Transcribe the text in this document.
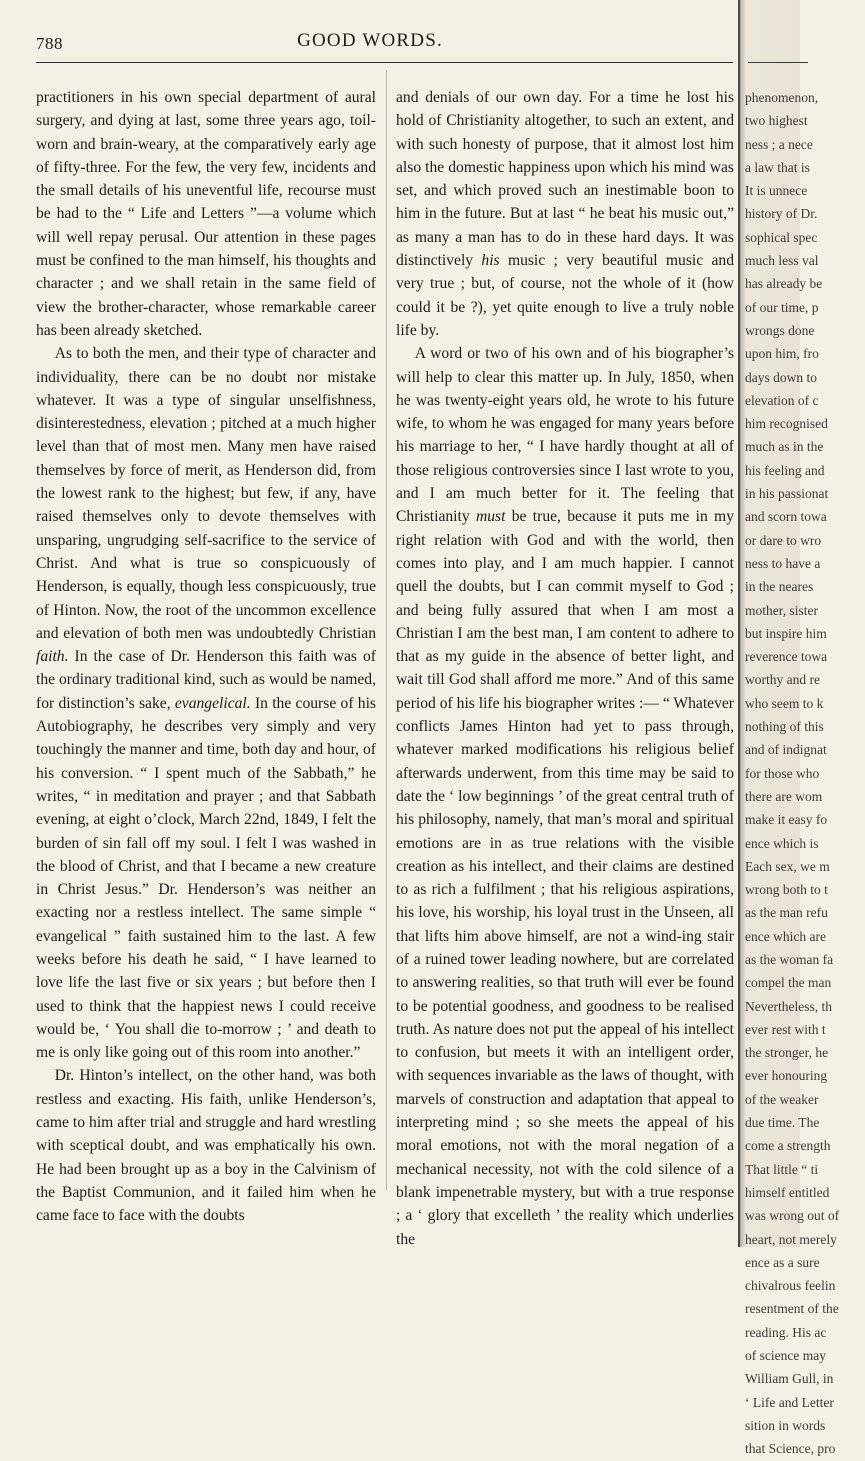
788	GOOD WORDS.

practitioners in his own special department of aural surgery, and dying at last, some three years ago, toil-worn and brain-weary, at the comparatively early age of fifty-three. For the few, the very few, incidents and the small details of his uneventful life, recourse must be had to the “ Life and Letters ”—a volume which will well repay perusal. Our attention in these pages must be confined to the man himself, his thoughts and character ; and we shall retain in the same field of view the brother-character, whose remarkable career has been already sketched.

As to both the men, and their type of character and individuality, there can be no doubt nor mistake whatever. It was a type of singular unselfishness, disinterestedness, elevation ; pitched at a much higher level than that of most men. Many men have raised themselves by force of merit, as Henderson did, from the lowest rank to the highest; but few, if any, have raised themselves only to devote themselves with unsparing, ungrudging self-sacrifice to the service of Christ. And what is true so conspicuously of Henderson, is equally, though less conspicuously, true of Hinton. Now, the root of the uncommon excellence and elevation of both men was undoubtedly Christian faith. In the case of Dr. Henderson this faith was of the ordinary traditional kind, such as would be named, for distinction’s sake, evangelical. In the course of his Autobiography, he describes very simply and very touchingly the manner and time, both day and hour, of his conversion. “ I spent much of the Sabbath,” he writes, “ in meditation and prayer ; and that Sabbath evening, at eight o’clock, March 22nd, 1849, I felt the burden of sin fall off my soul. I felt I was washed in the blood of Christ, and that I became a new creature in Christ Jesus.” Dr. Henderson’s was neither an exacting nor a restless intellect. The same simple “ evangelical ” faith sustained him to the last. A few weeks before his death he said, “ I have learned to love life the last five or six years ; but before then I used to think that the happiest news I could receive would be, ‘ You shall die to-morrow ; ’ and death to me is only like going out of this room into another.”

Dr. Hinton’s intellect, on the other hand, was both restless and exacting. His faith, unlike Henderson’s, came to him after trial and struggle and hard wrestling with sceptical doubt, and was emphatically his own. He had been brought up as a boy in the Calvinism of the Baptist Communion, and it failed him when he came face to face with the doubts

and denials of our own day. For a time he lost his hold of Christianity altogether, to such an extent, and with such honesty of purpose, that it almost lost him also the domestic happiness upon which his mind was set, and which proved such an inestimable boon to him in the future. But at last “ he beat his music out,” as many a man has to do in these hard days. It was distinctively his music ; very beautiful music and very true ; but, of course, not the whole of it (how could it be ?), yet quite enough to live a truly noble life by.

A word or two of his own and of his biographer’s will help to clear this matter up. In July, 1850, when he was twenty-eight years old, he wrote to his future wife, to whom he was engaged for many years before his marriage to her, “ I have hardly thought at all of those religious controversies since I last wrote to you, and I am much better for it. The feeling that Christianity must be true, because it puts me in my right relation with God and with the world, then comes into play, and I am much happier. I cannot quell the doubts, but I can commit myself to God ; and being fully assured that when I am most a Christian I am the best man, I am content to adhere to that as my guide in the absence of better light, and wait till God shall afford me more.” And of this same period of his life his biographer writes :— “ Whatever conflicts James Hinton had yet to pass through, whatever marked modifications his religious belief afterwards underwent, from this time may be said to date the ‘ low beginnings ’ of the great central truth of his philosophy, namely, that man’s moral and spiritual emotions are in as true relations with the visible creation as his intellect, and their claims are destined to as rich a fulfilment ; that his religious aspirations, his love, his worship, his loyal trust in the Unseen, all that lifts him above himself, are not a wind-ing stair of a ruined tower leading nowhere, but are correlated to answering realities, so that truth will ever be found to be potential goodness, and goodness to be realised truth. As nature does not put the appeal of his intellect to confusion, but meets it with an intelligent order, with sequences invariable as the laws of thought, with marvels of construction and adaptation that appeal to interpreting mind ; so she meets the appeal of his moral emotions, not with the moral negation of a mechanical necessity, not with the cold silence of a blank impenetrable mystery, but with a true response ; a ‘ glory that excelleth ’ the reality which underlies the

phenomenon,
two highest
ness ; a nece
a law that is
It is unnece
history of Dr.
sophical spec
much less val
has already be
of our time, p
wrongs done
upon him, fro
days down to
elevation of c
him recognised
much as in the
his feeling and
in his passionat
and scorn towa
or dare to wro
ness to have a
in the neares
mother, sister
but inspire him
reverence towa
worthy and re
who seem to k
nothing of this
and of indignat
for those who
there are wom
make it easy fo
ence which is
Each sex, we m
wrong both to t
as the man refu
ence which are
as the woman fa
compel the man
Nevertheless, th
ever rest with t
the stronger, he
ever honouring
of the weaker
due time. The
come a strength
That little “ ti
himself entitled
was wrong out of
heart, not merely
ence as a sure
chivalrous feelin
resentment of the
reading. His ac
of science may
William Gull, in
‘ Life and Letter
sition in words
that Science, pro
